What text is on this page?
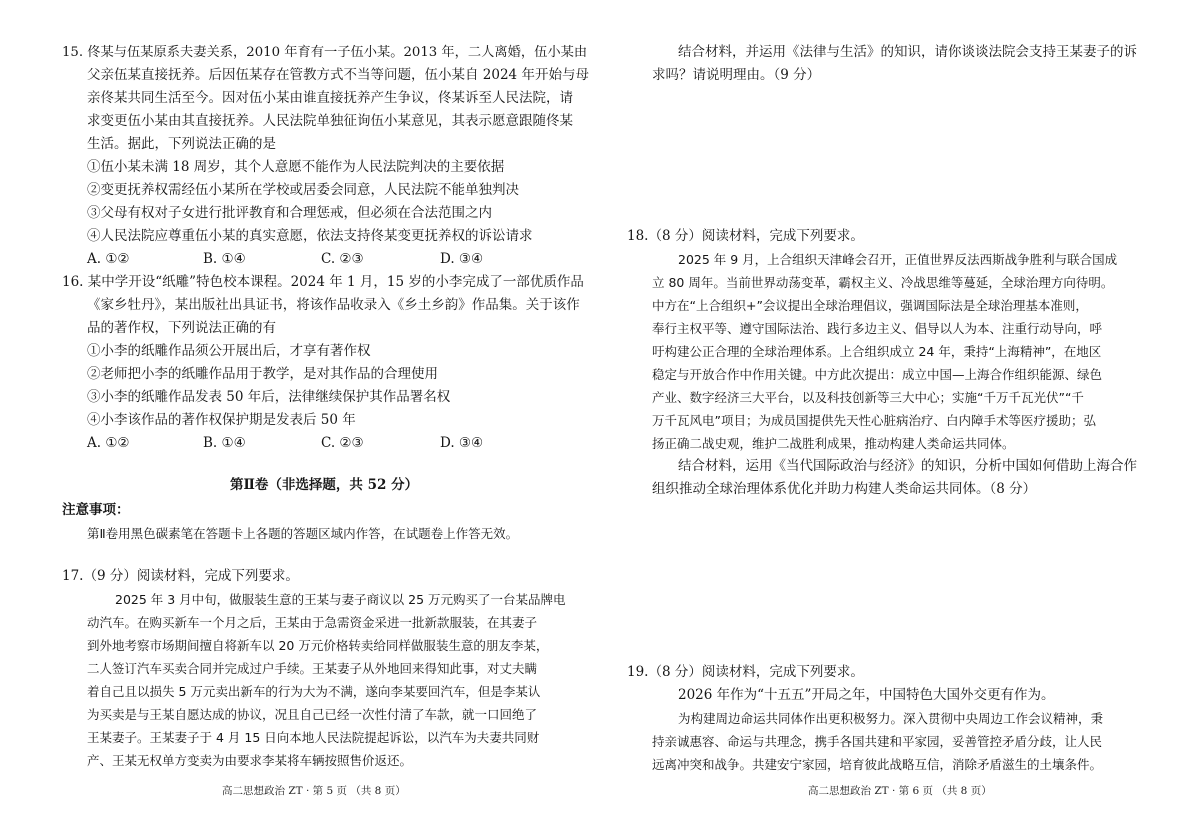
15. 佟某与伍某原系夫妻关系，2010 年育有一子伍小某。2013 年，二人离婚，伍小某由
父亲伍某直接抚养。后因伍某存在管教方式不当等问题，伍小某自 2024 年开始与母
亲佟某共同生活至今。因对伍小某由谁直接抚养产生争议，佟某诉至人民法院，请
求变更伍小某由其直接抚养。人民法院单独征询伍小某意见，其表示愿意跟随佟某
生活。据此，下列说法正确的是
①伍小某未满 18 周岁，其个人意愿不能作为人民法院判决的主要依据
②变更抚养权需经伍小某所在学校或居委会同意，人民法院不能单独判决
③父母有权对子女进行批评教育和合理惩戒，但必须在合法范围之内
④人民法院应尊重伍小某的真实意愿，依法支持佟某变更抚养权的诉讼请求
A. ①②	B. ①④	C. ②③	D. ③④
16. 某中学开设“纸雕”特色校本课程。2024 年 1 月，15 岁的小李完成了一部优质作品
《家乡牡丹》，某出版社出具证书，将该作品收录入《乡土乡韵》作品集。关于该作
品的著作权，下列说法正确的有
①小李的纸雕作品须公开展出后，才享有著作权
②老师把小李的纸雕作品用于教学，是对其作品的合理使用
③小李的纸雕作品发表 50 年后，法律继续保护其作品署名权
④小李该作品的著作权保护期是发表后 50 年
A. ①②	B. ①④	C. ②③	D. ③④
第Ⅱ卷（非选择题，共 52 分）
注意事项：
第Ⅱ卷用黑色碳素笔在答题卡上各题的答题区域内作答，在试题卷上作答无效。
17.（9 分）阅读材料，完成下列要求。
2025 年 3 月中旬，做服装生意的王某与妻子商议以 25 万元购买了一台某品牌电
动汽车。在购买新车一个月之后，王某由于急需资金采进一批新款服装，在其妻子
到外地考察市场期间擅自将新车以 20 万元价格转卖给同样做服装生意的朋友李某，
二人签订汽车买卖合同并完成过户手续。王某妻子从外地回来得知此事，对丈夫瞒
着自己且以损失 5 万元卖出新车的行为大为不满，遂向李某要回汽车，但是李某认
为买卖是与王某自愿达成的协议，况且自己已经一次性付清了车款，就一口回绝了
王某妻子。王某妻子于 4 月 15 日向本地人民法院提起诉讼，以汽车为夫妻共同财
产、王某无权单方变卖为由要求李某将车辆按照售价返还。
高二思想政治 ZT · 第 5 页 （共 8 页）
结合材料，并运用《法律与生活》的知识，请你谈谈法院会支持王某妻子的诉
求吗？请说明理由。（9 分）
18.（8 分）阅读材料，完成下列要求。
2025 年 9 月，上合组织天津峰会召开，正值世界反法西斯战争胜利与联合国成
立 80 周年。当前世界动荡变革，霸权主义、冷战思维等蔓延，全球治理方向待明。
中方在“上合组织+”会议提出全球治理倡议，强调国际法是全球治理基本准则，
奉行主权平等、遵守国际法治、践行多边主义、倡导以人为本、注重行动导向，呼
吁构建公正合理的全球治理体系。上合组织成立 24 年，秉持“上海精神”，在地区
稳定与开放合作中作用关键。中方此次提出：成立中国—上海合作组织能源、绿色
产业、数字经济三大平台，以及科技创新等三大中心；实施“千万千瓦光伏”“千
万千瓦风电”项目；为成员国提供先天性心脏病治疗、白内障手术等医疗援助；弘
扬正确二战史观，维护二战胜利成果，推动构建人类命运共同体。
结合材料，运用《当代国际政治与经济》的知识，分析中国如何借助上海合作
组织推动全球治理体系优化并助力构建人类命运共同体。（8 分）
19.（8 分）阅读材料，完成下列要求。
2026 年作为“十五五”开局之年，中国特色大国外交更有作为。
为构建周边命运共同体作出更积极努力。深入贯彻中央周边工作会议精神，秉
持亲诚惠容、命运与共理念，携手各国共建和平家园，妥善管控矛盾分歧，让人民
远离冲突和战争。共建安宁家园，培育彼此战略互信，消除矛盾滋生的土壤条件。
高二思想政治 ZT · 第 6 页 （共 8 页）
